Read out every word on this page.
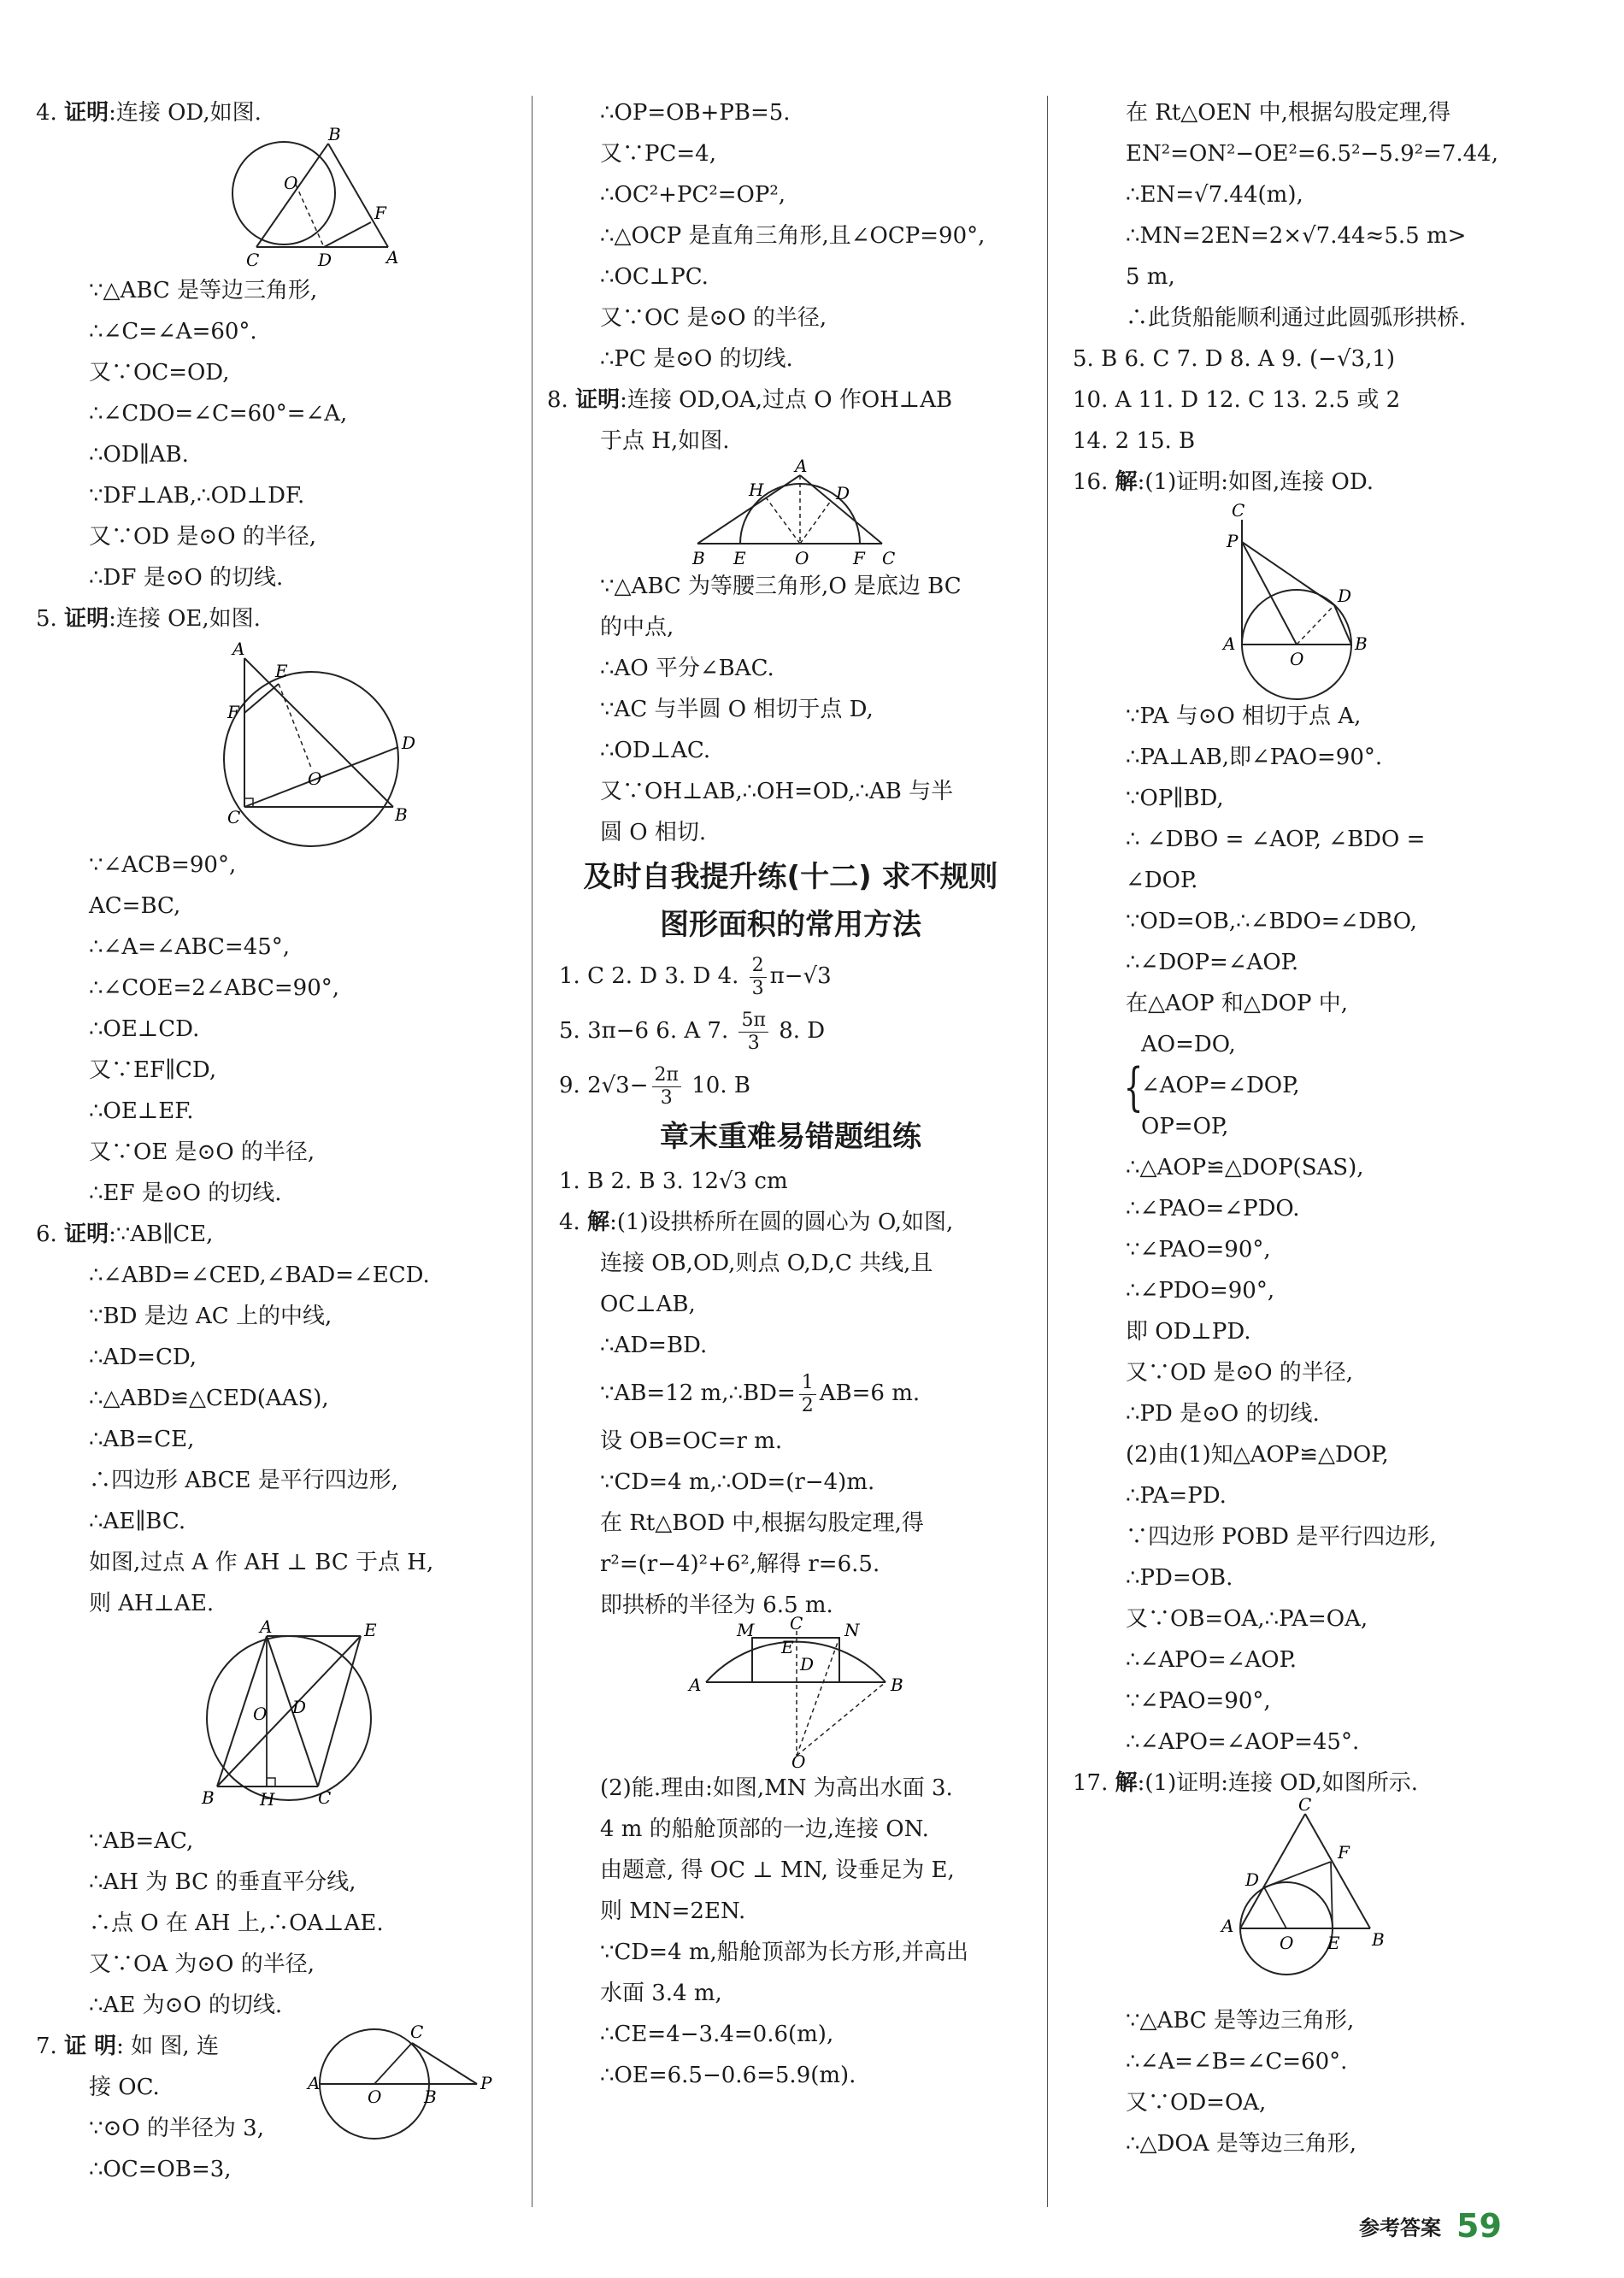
4. 证明:连接 OD,如图.
B
O
F
C	D	A
∵△ABC 是等边三角形,
∴∠C=∠A=60°.
又∵OC=OD,
∴∠CDO=∠C=60°=∠A,
∴OD∥AB.
∵DF⊥AB,∴OD⊥DF.
又∵OD 是⊙O 的半径,
∴DF 是⊙O 的切线.
5. 证明:连接 OE,如图.
A
E
F
D
O
C	B
∵∠ACB=90°,
AC=BC,
∴∠A=∠ABC=45°,
∴∠COE=2∠ABC=90°,
∴OE⊥CD.
又∵EF∥CD,
∴OE⊥EF.
又∵OE 是⊙O 的半径,
∴EF 是⊙O 的切线.
6. 证明:∵AB∥CE,
∴∠ABD=∠CED,∠BAD=∠ECD.
∵BD 是边 AC 上的中线,
∴AD=CD,
∴△ABD≌△CED(AAS),
∴AB=CE,
∴四边形 ABCE 是平行四边形,
∴AE∥BC.
如图,过点 A 作 AH ⊥ BC 于点 H,
则 AH⊥AE.
A	E
O D
B	H	C
∵AB=AC,
∴AH 为 BC 的垂直平分线,
∴点 O 在 AH 上,∴OA⊥AE.
又∵OA 为⊙O 的半径,
∴AE 为⊙O 的切线.
7. 证 明: 如 图, 连
接 OC.
∵⊙O 的半径为 3,
∴OC=OB=3,
A
O B
C
P
∴OP=OB+PB=5.
又∵PC=4,
∴OC²+PC²=OP²,
∴△OCP 是直角三角形,且∠OCP=90°,
∴OC⊥PC.
又∵OC 是⊙O 的半径,
∴PC 是⊙O 的切线.
8. 证明:连接 OD,OA,过点 O 作OH⊥AB
于点 H,如图.
A
H	D
B E	O	F C
∵△ABC 为等腰三角形,O 是底边 BC
的中点,
∴AO 平分∠BAC.
∵AC 与半圆 O 相切于点 D,
∴OD⊥AC.
又∵OH⊥AB,∴OH=OD,∴AB 与半
圆 O 相切.
及时自我提升练(十二) 求不规则
图形面积的常用方法
1. C 2. D 3. D 4. $\frac{2}{3} \pi-√3$
5. 3π−6 6. A 7. $\frac{5\pi}{3} 8$. D
9. $2√3- \frac{2\pi}{3} 10$. B
章末重难易错题组练
1. B 2. B 3. 12√3 cm
4. 解:(1)设拱桥所在圆的圆心为 O,如图,
连接 OB,OD,则点 O,D,C 共线,且
OC⊥AB,
∴AD=BD.
∵AB=12 m,∴BD= $\frac{1}{2} AB=6$ m.
设 OB=OC=r m.
∵CD=4 m,∴OD=(r−4)m.
在 Rt△BOD 中,根据勾股定理,得
r²=(r−4)²+6²,解得 r=6.5.
即拱桥的半径为 6.5 m.
C
M	N
E
D
A	B
O
(2)能.理由:如图,MN 为高出水面 3.
4 m 的船舱顶部的一边,连接 ON.
由题意, 得 OC ⊥ MN, 设垂足为 E,
则 MN=2EN.
∵CD=4 m,船舱顶部为长方形,并高出
水面 3.4 m,
∴CE=4−3.4=0.6(m),
∴OE=6.5−0.6=5.9(m).
在 Rt△OEN 中,根据勾股定理,得
EN²=ON²−OE²=6.5²−5.9²=7.44,
∴EN=√7.44(m),
∴MN=2EN=2×√7.44≈5.5 m>
5 m,
∴此货船能顺利通过此圆弧形拱桥.
5. B 6. C 7. D 8. A 9. (−√3,1)
10. A 11. D 12. C 13. 2.5 或 2
14. 2 15. B
16. 解:(1)证明:如图,连接 OD.
C
P
D
A
O
B
∵PA 与⊙O 相切于点 A,
∴PA⊥AB,即∠PAO=90°.
∵OP∥BD,
∴ ∠DBO = ∠AOP, ∠BDO =
∠DOP.
∵OD=OB,∴∠BDO=∠DBO,
∴∠DOP=∠AOP.
在△AOP 和△DOP 中,
{
AO=DO,
∠AOP=∠DOP,
OP=OP,
∴△AOP≌△DOP(SAS),
∴∠PAO=∠PDO.
∵∠PAO=90°,
∴∠PDO=90°,
即 OD⊥PD.
又∵OD 是⊙O 的半径,
∴PD 是⊙O 的切线.
(2)由(1)知△AOP≌△DOP,
∴PA=PD.
∵四边形 POBD 是平行四边形,
∴PD=OB.
又∵OB=OA,∴PA=OA,
∴∠APO=∠AOP.
∵∠PAO=90°,
∴∠APO=∠AOP=45°.
17. 解:(1)证明:连接 OD,如图所示.
C
F
D
A
O E B
∵△ABC 是等边三角形,
∴∠A=∠B=∠C=60°.
又∵OD=OA,
∴△DOA 是等边三角形,
参考答案 59
